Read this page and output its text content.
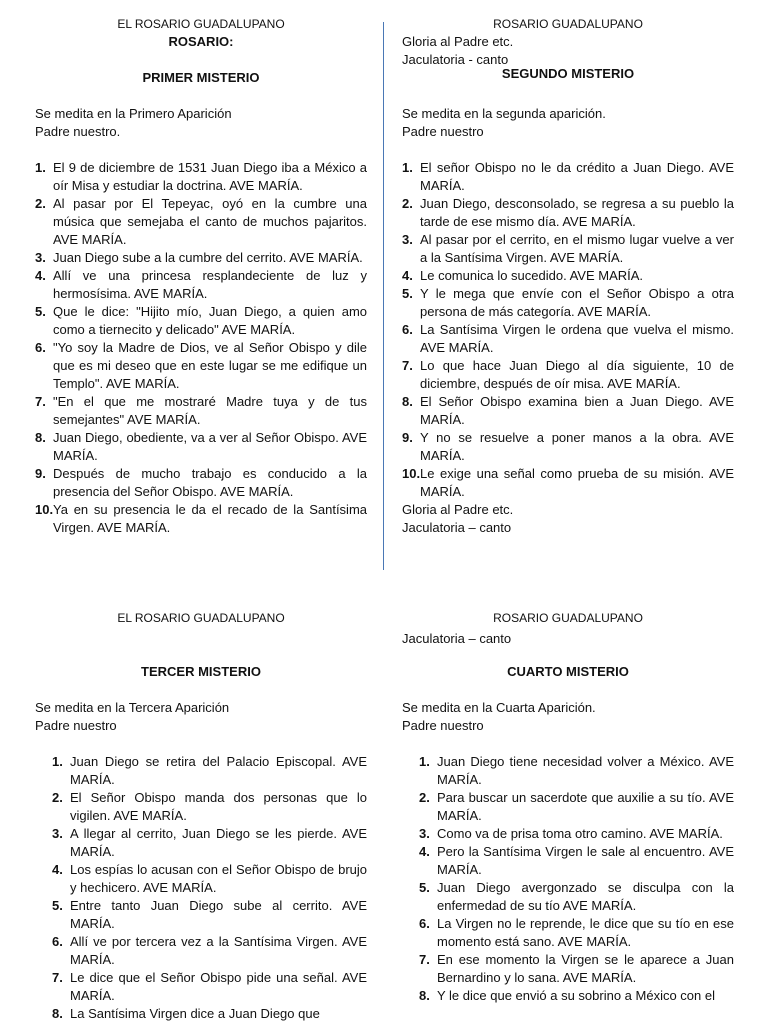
EL ROSARIO GUADALUPANO
ROSARIO:
PRIMER MISTERIO
Se medita en la Primero Aparición
Padre nuestro.
1. El 9 de diciembre de 1531 Juan Diego iba a México a oír Misa y estudiar la doctrina. AVE MARÍA.
2. Al pasar por El Tepeyac, oyó en la cumbre una música que semejaba el canto de muchos pajaritos. AVE MARÍA.
3. Juan Diego sube a la cumbre del cerrito. AVE MARÍA.
4. Allí ve una princesa resplandeciente de luz y hermosísima. AVE MARÍA.
5. Que le dice: "Hijito mío, Juan Diego, a quien amo como a tiernecito y delicado" AVE MARÍA.
6. "Yo soy la Madre de Dios, ve al Señor Obispo y dile que es mi deseo que en este lugar se me edifique un Templo". AVE MARÍA.
7. "En el que me mostraré Madre tuya y de tus semejantes" AVE MARÍA.
8. Juan Diego, obediente, va a ver al Señor Obispo. AVE MARÍA.
9. Después de mucho trabajo es conducido a la presencia del Señor Obispo. AVE MARÍA.
10. Ya en su presencia le da el recado de la Santísima Virgen. AVE MARÍA.
ROSARIO GUADALUPANO
Gloria al Padre etc.
Jaculatoria - canto
SEGUNDO MISTERIO
Se medita en la segunda aparición.
Padre nuestro
1. El señor Obispo no le da crédito a Juan Diego. AVE MARÍA.
2. Juan Diego, desconsolado, se regresa a su pueblo la tarde de ese mismo día. AVE MARÍA.
3. Al pasar por el cerrito, en el mismo lugar vuelve a ver a la Santísima Virgen. AVE MARÍA.
4. Le comunica lo sucedido. AVE MARÍA.
5. Y le mega que envíe con el Señor Obispo a otra persona de más categoría. AVE MARÍA.
6. La Santísima Virgen le ordena que vuelva el mismo. AVE MARÍA.
7. Lo que hace Juan Diego al día siguiente, 10 de diciembre, después de oír misa. AVE MARÍA.
8. El Señor Obispo examina bien a Juan Diego. AVE MARÍA.
9. Y no se resuelve a poner manos a la obra. AVE MARÍA.
10. Le exige una señal como prueba de su misión. AVE MARÍA.
Gloria al Padre etc.
Jaculatoria – canto
EL ROSARIO GUADALUPANO
TERCER MISTERIO
Se medita en la Tercera Aparición
Padre nuestro
1. Juan Diego se retira del Palacio Episcopal. AVE MARÍA.
2. El Señor Obispo manda dos personas que lo vigilen. AVE MARÍA.
3. A llegar al cerrito, Juan Diego se les pierde. AVE MARÍA.
4. Los espías lo acusan con el Señor Obispo de brujo y hechicero. AVE MARÍA.
5. Entre tanto Juan Diego sube al cerrito. AVE MARÍA.
6. Allí ve por tercera vez a la Santísima Virgen. AVE MARÍA.
7. Le dice que el Señor Obispo pide una señal. AVE MARÍA.
8. La Santísima Virgen dice a Juan Diego que
ROSARIO GUADALUPANO
Jaculatoria – canto
CUARTO MISTERIO
Se medita en la Cuarta Aparición.
Padre nuestro
1. Juan Diego tiene necesidad volver a México. AVE MARÍA.
2. Para buscar un sacerdote que auxilie a su tío. AVE MARÍA.
3. Como va de prisa toma otro camino. AVE MARÍA.
4. Pero la Santísima Virgen le sale al encuentro. AVE MARÍA.
5. Juan Diego avergonzado se disculpa con la enfermedad de su tío AVE MARÍA.
6. La Virgen no le reprende, le dice que su tío en ese momento está sano. AVE MARÍA.
7. En ese momento la Virgen se le aparece a Juan Bernardino y lo sana. AVE MARÍA.
8. Y le dice que envió a su sobrino a México con el
